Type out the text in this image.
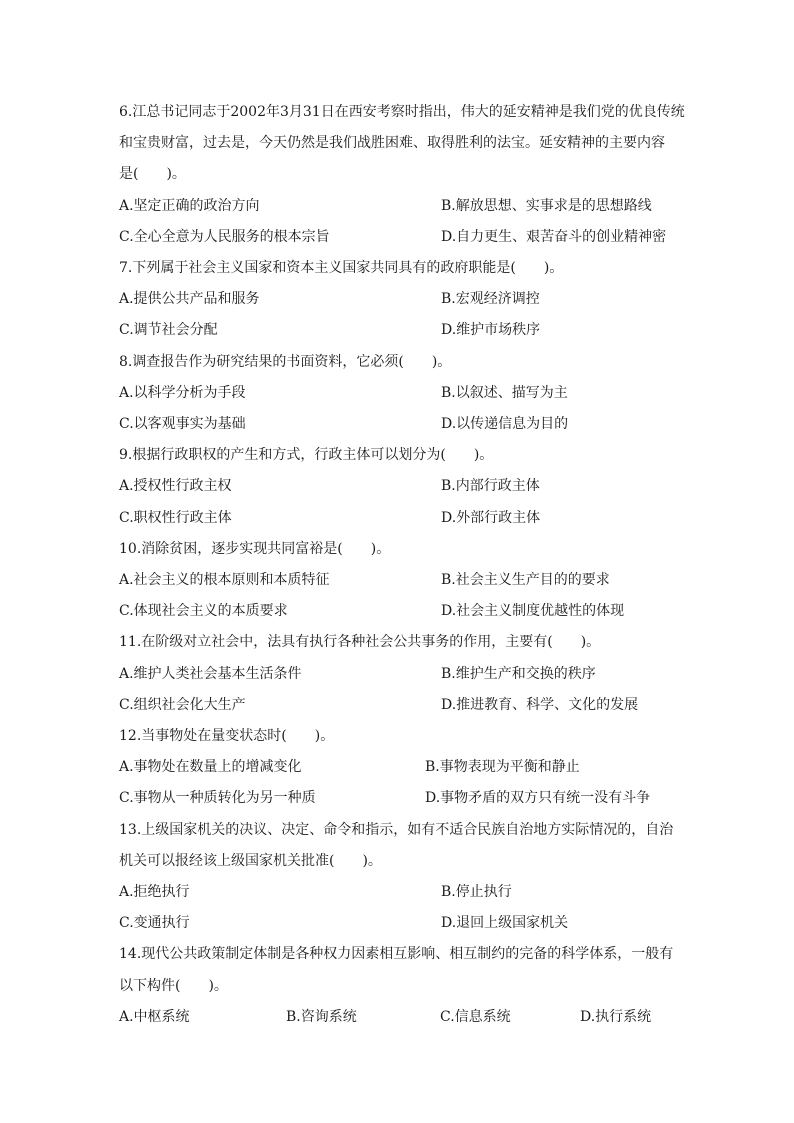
6.江总书记同志于2002年3月31日在西安考察时指出，伟大的延安精神是我们党的优良传统
和宝贵财富，过去是，今天仍然是我们战胜困难、取得胜利的法宝。延安精神的主要内容
是(　　)。
A.坚定正确的政治方向	B.解放思想、实事求是的思想路线
C.全心全意为人民服务的根本宗旨	D.自力更生、艰苦奋斗的创业精神密
7.下列属于社会主义国家和资本主义国家共同具有的政府职能是(　　)。
A.提供公共产品和服务	B.宏观经济调控
C.调节社会分配	D.维护市场秩序
8.调查报告作为研究结果的书面资料，它必须(　　)。
A.以科学分析为手段	B.以叙述、描写为主
C.以客观事实为基础	D.以传递信息为目的
9.根据行政职权的产生和方式，行政主体可以划分为(　　)。
A.授权性行政主权	B.内部行政主体
C.职权性行政主体	D.外部行政主体
10.消除贫困，逐步实现共同富裕是(　　)。
A.社会主义的根本原则和本质特征	B.社会主义生产目的的要求
C.体现社会主义的本质要求	D.社会主义制度优越性的体现
11.在阶级对立社会中，法具有执行各种社会公共事务的作用，主要有(　　)。
A.维护人类社会基本生活条件	B.维护生产和交换的秩序
C.组织社会化大生产	D.推进教育、科学、文化的发展
12.当事物处在量变状态时(　　)。
A.事物处在数量上的增减变化	B.事物表现为平衡和静止
C.事物从一种质转化为另一种质	D.事物矛盾的双方只有统一没有斗争
13.上级国家机关的决议、决定、命令和指示，如有不适合民族自治地方实际情况的，自治
机关可以报经该上级国家机关批准(　　)。
A.拒绝执行	B.停止执行
C.变通执行	D.退回上级国家机关
14.现代公共政策制定体制是各种权力因素相互影响、相互制约的完备的科学体系，一般有
以下构件(　　)。
A.中枢系统	B.咨询系统	C.信息系统	D.执行系统
